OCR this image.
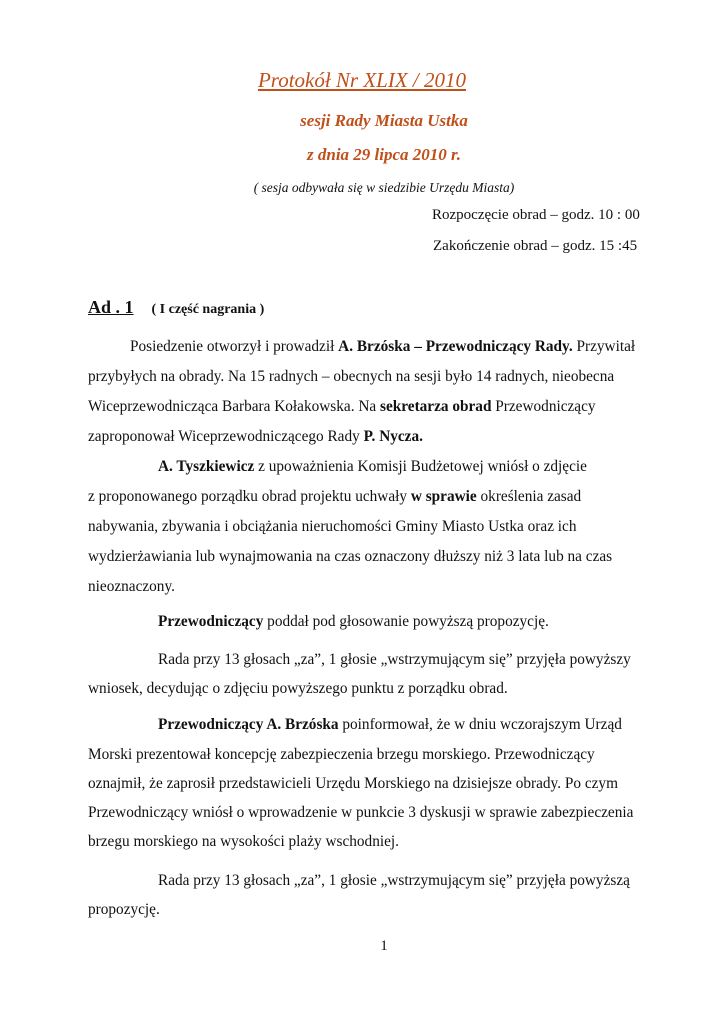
Protokół Nr XLIX / 2010
sesji Rady Miasta Ustka
z dnia 29 lipca 2010 r.
( sesja odbywała się w siedzibie Urzędu Miasta)
Rozpoczęcie obrad – godz. 10 : 00
Zakończenie obrad – godz. 15 :45
Ad . 1 ( I część nagrania )
Posiedzenie otworzył i prowadził A. Brzóska – Przewodniczący Rady. Przywitał
przybyłych na obrady. Na 15 radnych – obecnych na sesji było 14 radnych, nieobecna
Wiceprzewodnicząca Barbara Kołakowska. Na sekretarza obrad Przewodniczący
zaproponował Wiceprzewodniczącego Rady P. Nycza.
A. Tyszkiewicz z upoważnienia Komisji Budżetowej wniósł o zdjęcie
z proponowanego porządku obrad projektu uchwały w sprawie określenia zasad
nabywania, zbywania i obciążania nieruchomości Gminy Miasto Ustka oraz ich
wydzierżawiania lub wynajmowania na czas oznaczony dłuższy niż 3 lata lub na czas
nieoznaczony.
Przewodniczący poddał pod głosowanie powyższą propozycję.
Rada przy 13 głosach „za”, 1 głosie „wstrzymującym się” przyjęła powyższy
wniosek, decydując o zdjęciu powyższego punktu z porządku obrad.
Przewodniczący A. Brzóska poinformował, że w dniu wczorajszym Urząd
Morski prezentował koncepcję zabezpieczenia brzegu morskiego. Przewodniczący
oznajmił, że zaprosił przedstawicieli Urzędu Morskiego na dzisiejsze obrady. Po czym
Przewodniczący wniósł o wprowadzenie w punkcie 3 dyskusji w sprawie zabezpieczenia
brzegu morskiego na wysokości plaży wschodniej.
Rada przy 13 głosach „za”, 1 głosie „wstrzymującym się” przyjęła powyższą
propozycję.
1
